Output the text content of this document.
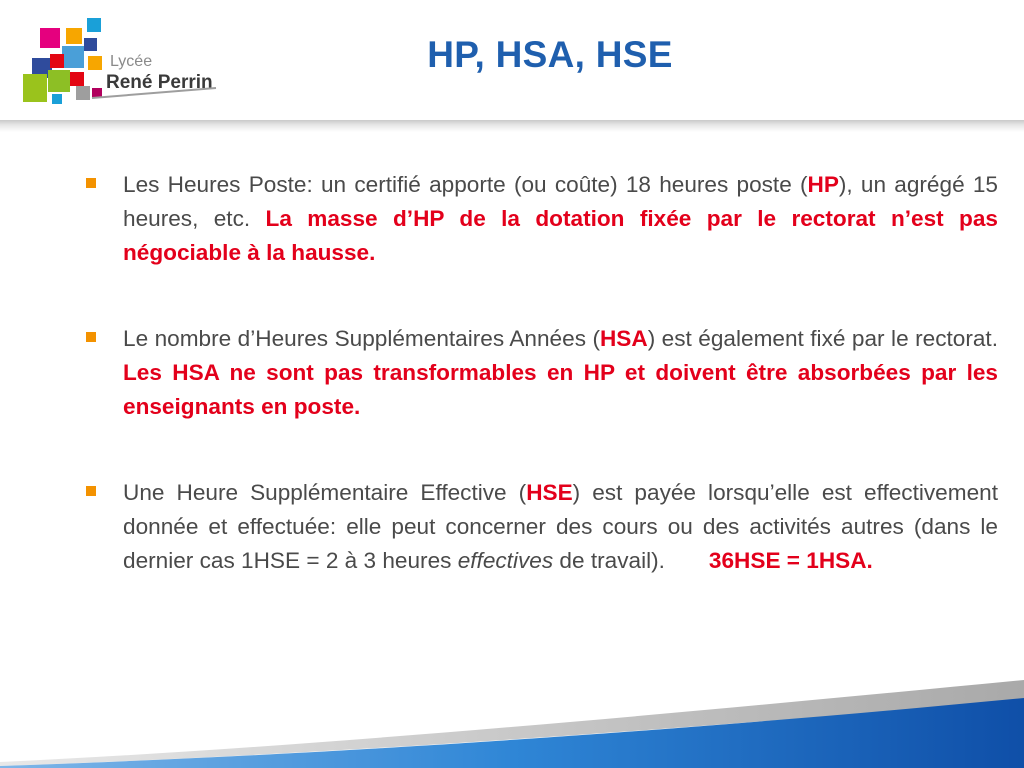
Lycée
René Perrin
HP, HSA, HSE

Les Heures Poste: un certifié apporte (ou coûte) 18 heures poste (HP), un agrégé 15 heures, etc. La masse d’HP de la dotation fixée par le rectorat n’est pas négociable à la hausse.

Le nombre d’Heures Supplémentaires Années (HSA) est également fixé par le rectorat. Les HSA ne sont pas transformables en HP et doivent être absorbées par les enseignants en poste.

Une Heure Supplémentaire Effective (HSE) est payée lorsqu’elle est effectivement donnée et effectuée: elle peut concerner des cours ou des activités autres (dans le dernier cas 1HSE = 2 à 3 heures effectives de travail). 36HSE = 1HSA.
